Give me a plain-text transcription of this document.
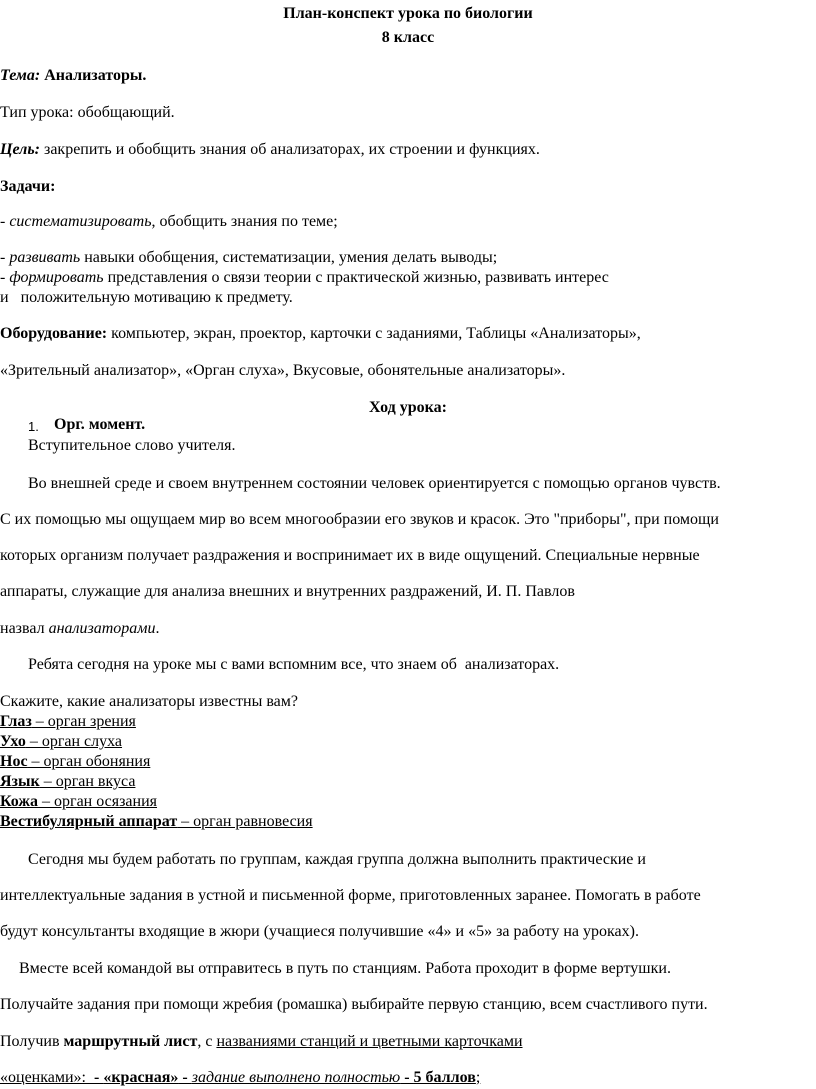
План-конспект урока по биологии
8 класс
Тема: Анализаторы.
Тип урока: обобщающий.
Цель: закрепить и обобщить знания об анализаторах, их строении и функциях.
Задачи:
- систематизировать, обобщить знания по теме;
- развивать навыки обобщения, систематизации, умения делать выводы;
- формировать представления о связи теории с практической жизнью, развивать интерес
и   положительную мотивацию к предмету.
Оборудование: компьютер, экран, проектор, карточки с заданиями, Таблицы «Анализаторы»,
«Зрительный анализатор», «Орган слуха», Вкусовые, обонятельные анализаторы».
Ход урока:
1. Орг. момент.
Вступительное слово учителя.
Во внешней среде и своем внутреннем состоянии человек ориентируется с помощью органов чувств.
С их помощью мы ощущаем мир во всем многообразии его звуков и красок. Это "приборы", при помощи
которых организм получает раздражения и воспринимает их в виде ощущений. Специальные нервные
аппараты, служащие для анализа внешних и внутренних раздражений, И. П. Павлов
назвал анализаторами.
Ребята сегодня на уроке мы с вами вспомним все, что знаем об  анализаторах.
Скажите, какие анализаторы известны вам?
Глаз – орган зрения
Ухо – орган слуха
Нос – орган обоняния
Язык – орган вкуса
Кожа – орган осязания
Вестибулярный аппарат – орган равновесия
Сегодня мы будем работать по группам, каждая группа должна выполнить практические и
интеллектуальные задания в устной и письменной форме, приготовленных заранее. Помогать в работе
будут консультанты входящие в жюри (учащиеся получившие «4» и «5» за работу на уроках).
Вместе всей командой вы отправитесь в путь по станциям. Работа проходит в форме вертушки.
Получайте задания при помощи жребия (ромашка) выбирайте первую станцию, всем счастливого пути.
Получив маршрутный лист, с названиями станций и цветными карточками
«оценками»:  - «красная» - задание выполнено полностью - 5 баллов;
